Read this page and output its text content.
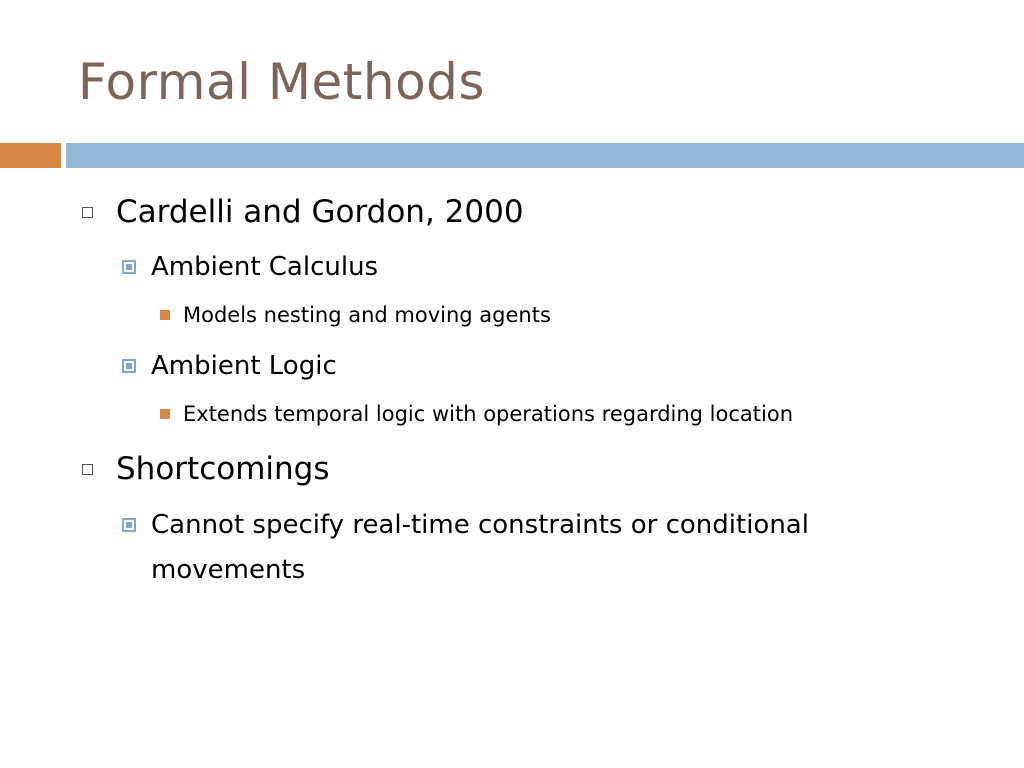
Formal Methods
Cardelli and Gordon, 2000
Ambient Calculus
Models nesting and moving agents
Ambient Logic
Extends temporal logic with operations regarding location
Shortcomings
Cannot specify real-time constraints or conditional
movements
